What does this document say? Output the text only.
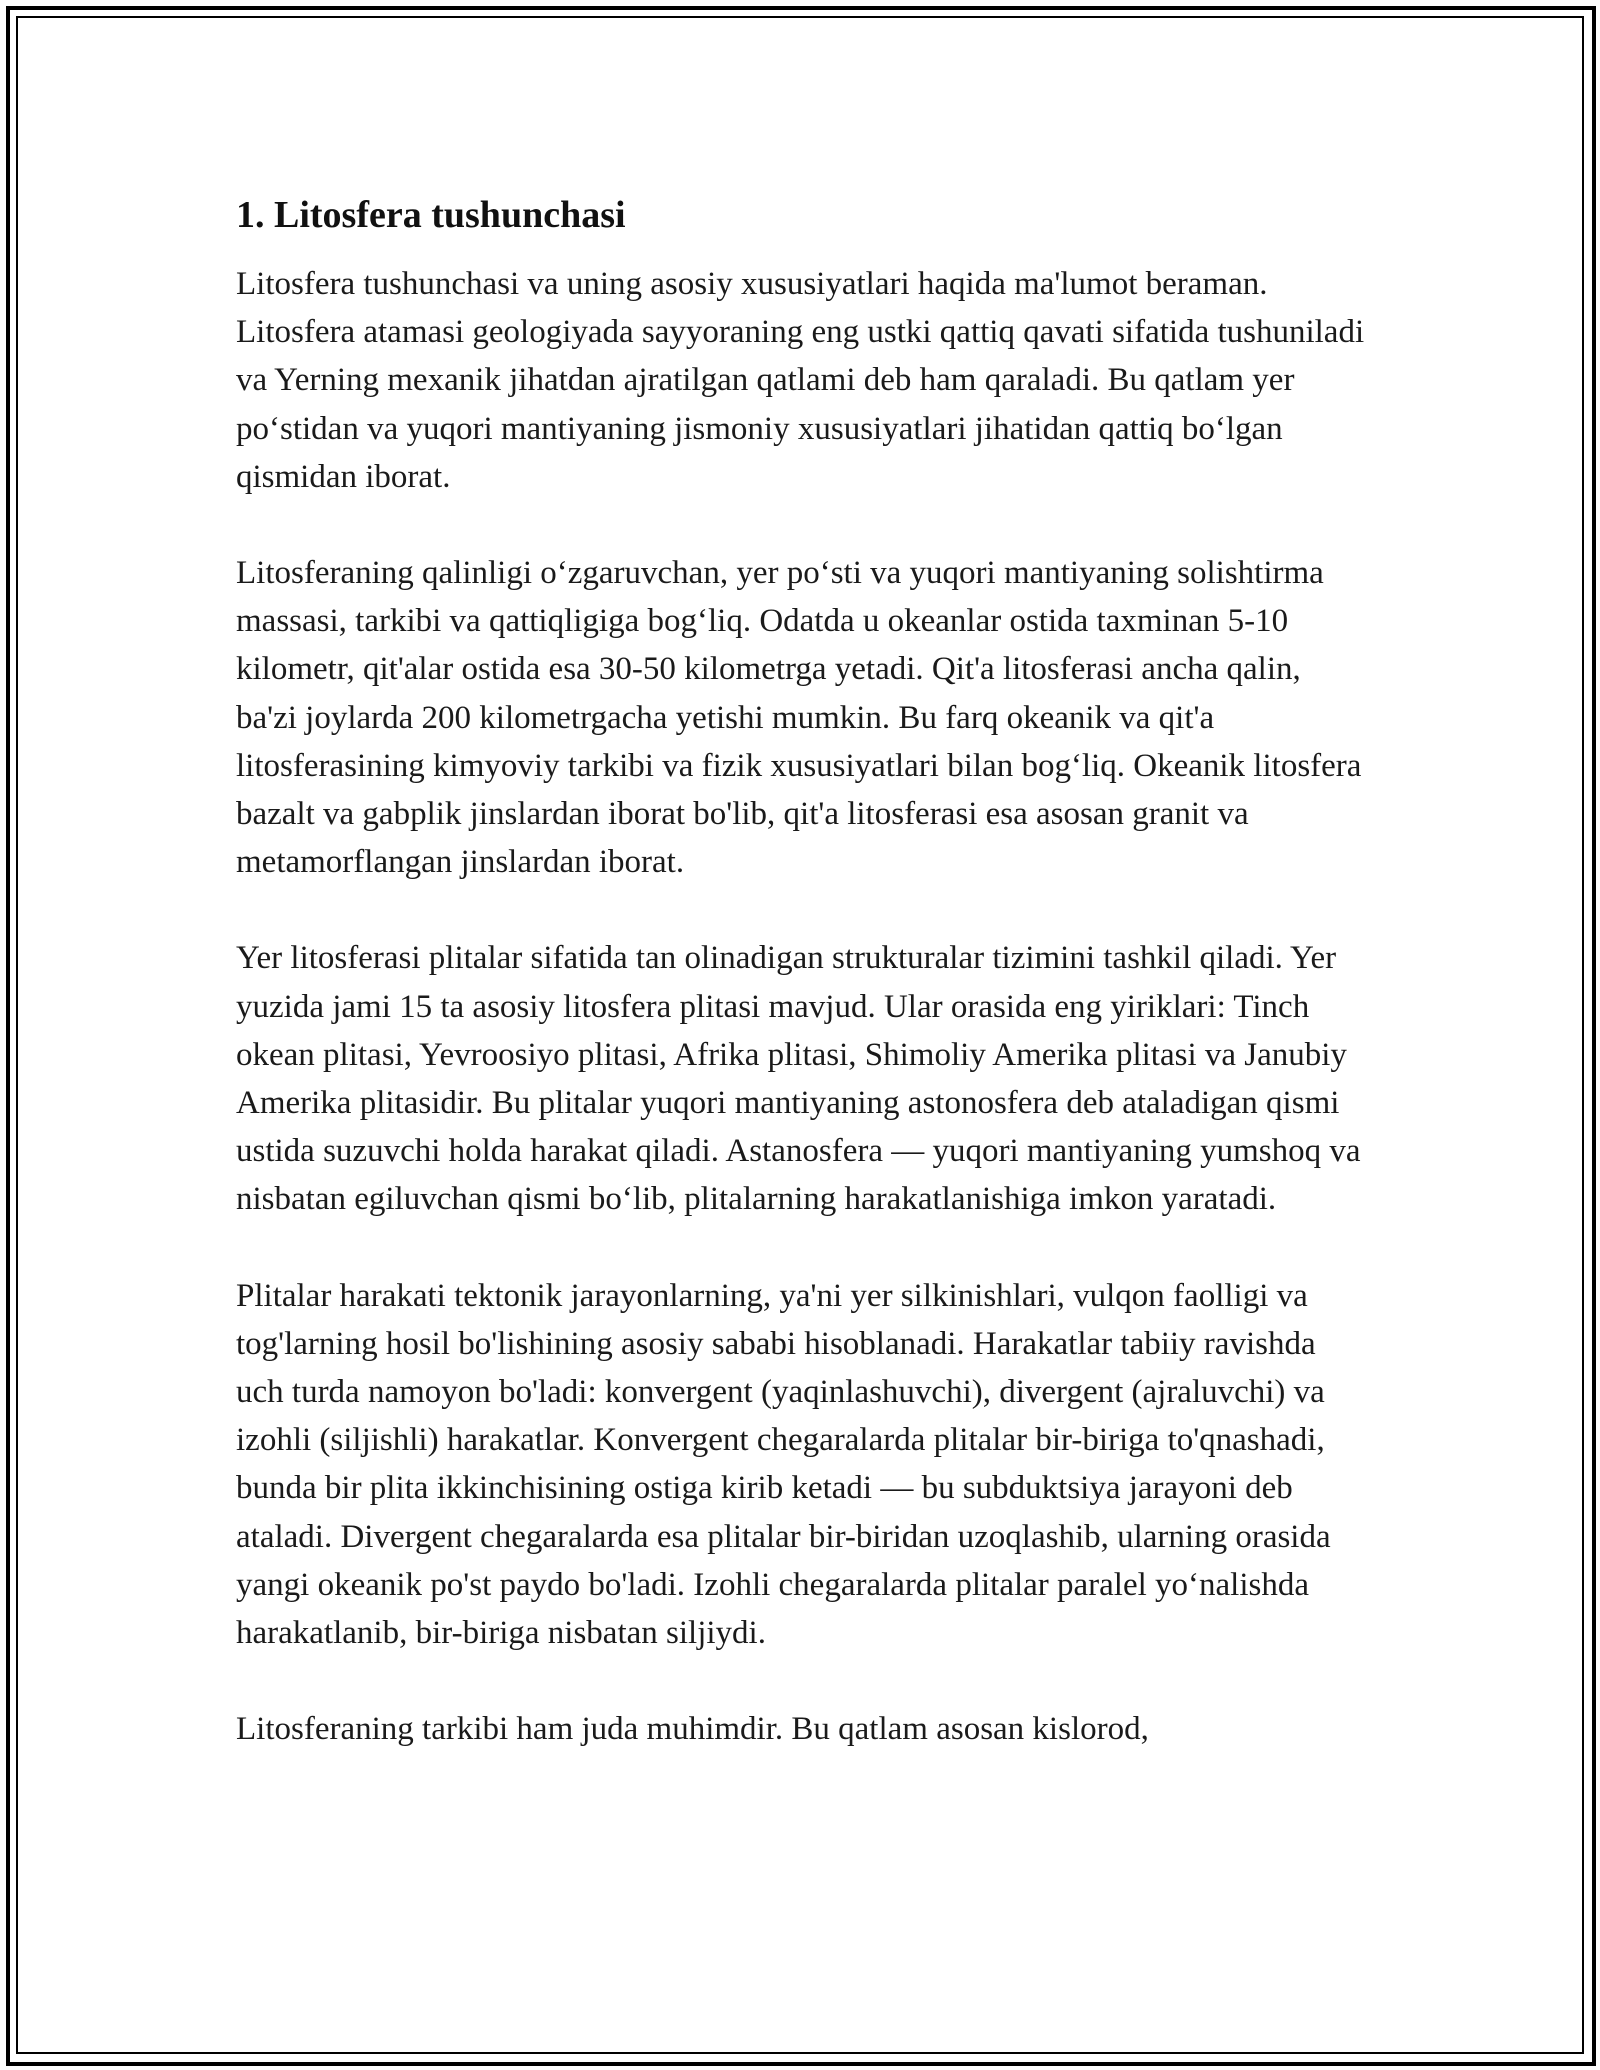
1. Litosfera tushunchasi

Litosfera tushunchasi va uning asosiy xususiyatlari haqida ma'lumot beraman. Litosfera atamasi geologiyada sayyoraning eng ustki qattiq qavati sifatida tushuniladi va Yerning mexanik jihatdan ajratilgan qatlami deb ham qaraladi. Bu qatlam yer po‘stidan va yuqori mantiyaning jismoniy xususiyatlari jihatidan qattiq bo‘lgan qismidan iborat.

Litosferaning qalinligi o‘zgaruvchan, yer po‘sti va yuqori mantiyaning solishtirma massasi, tarkibi va qattiqligiga bog‘liq. Odatda u okeanlar ostida taxminan 5-10 kilometr, qit'alar ostida esa 30-50 kilometrga yetadi. Qit'a litosferasi ancha qalin, ba'zi joylarda 200 kilometrgacha yetishi mumkin. Bu farq okeanik va qit'a litosferasining kimyoviy tarkibi va fizik xususiyatlari bilan bog‘liq. Okeanik litosfera bazalt va gabplik jinslardan iborat bo'lib, qit'a litosferasi esa asosan granit va metamorflangan jinslardan iborat.

Yer litosferasi plitalar sifatida tan olinadigan strukturalar tizimini tashkil qiladi. Yer yuzida jami 15 ta asosiy litosfera plitasi mavjud. Ular orasida eng yiriklari: Tinch okean plitasi, Yevroosiyo plitasi, Afrika plitasi, Shimoliy Amerika plitasi va Janubiy Amerika plitasidir. Bu plitalar yuqori mantiyaning astonosfera deb ataladigan qismi ustida suzuvchi holda harakat qiladi. Astanosfera — yuqori mantiyaning yumshoq va nisbatan egiluvchan qismi bo‘lib, plitalarning harakatlanishiga imkon yaratadi.

Plitalar harakati tektonik jarayonlarning, ya'ni yer silkinishlari, vulqon faolligi va tog'larning hosil bo'lishining asosiy sababi hisoblanadi. Harakatlar tabiiy ravishda uch turda namoyon bo'ladi: konvergent (yaqinlashuvchi), divergent (ajraluvchi) va izohli (siljishli) harakatlar. Konvergent chegaralarda plitalar bir-biriga to'qnashadi, bunda bir plita ikkinchisining ostiga kirib ketadi — bu subduktsiya jarayoni deb ataladi. Divergent chegaralarda esa plitalar bir-biridan uzoqlashib, ularning orasida yangi okeanik po'st paydo bo'ladi. Izohli chegaralarda plitalar paralel yo‘nalishda harakatlanib, bir-biriga nisbatan siljiydi.

Litosferaning tarkibi ham juda muhimdir. Bu qatlam asosan kislorod,
